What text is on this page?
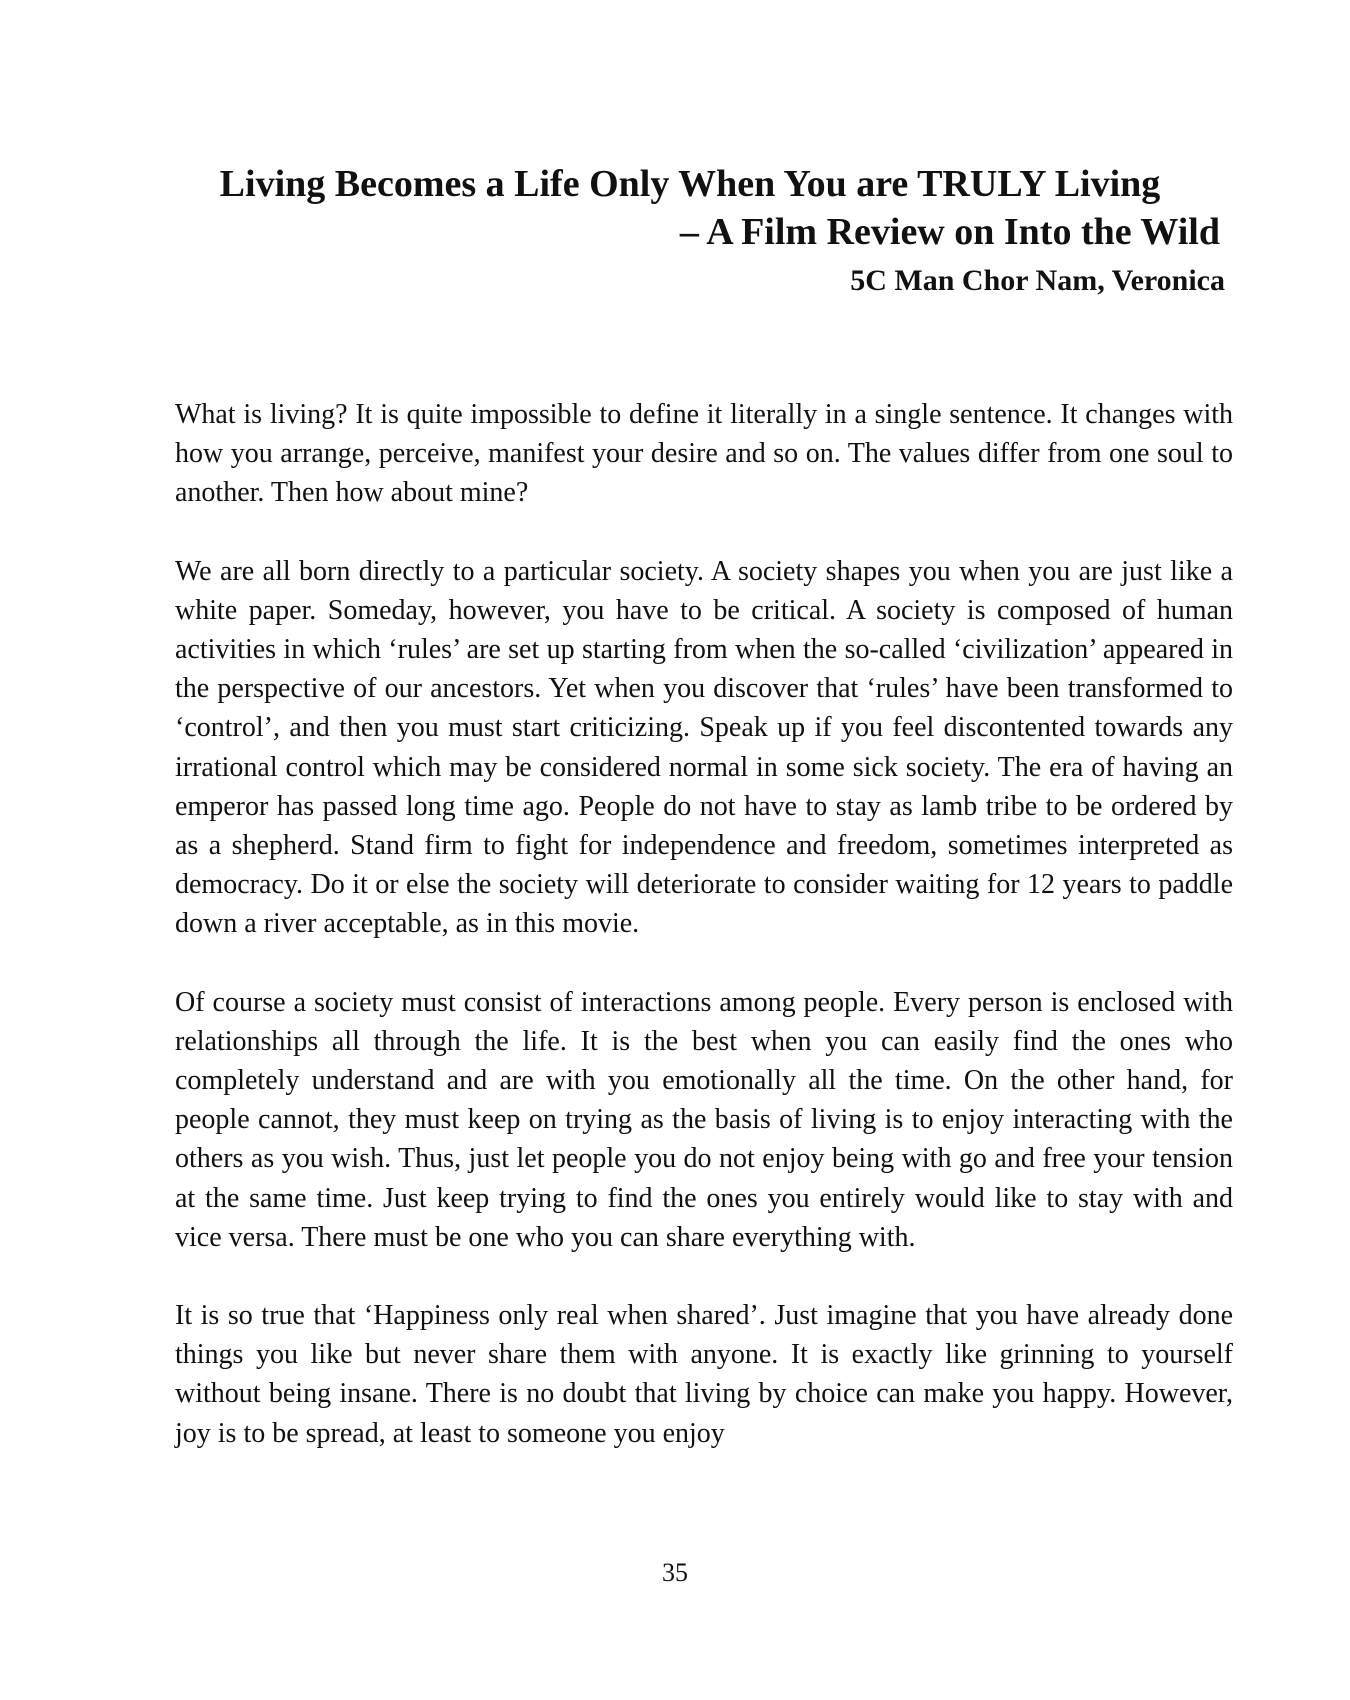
Living Becomes a Life Only When You are TRULY Living
– A Film Review on Into the Wild
5C Man Chor Nam, Veronica

What is living? It is quite impossible to define it literally in a single sentence. It changes with how you arrange, perceive, manifest your desire and so on. The values differ from one soul to another. Then how about mine?

We are all born directly to a particular society. A society shapes you when you are just like a white paper. Someday, however, you have to be critical. A society is composed of human activities in which ‘rules’ are set up starting from when the so-called ‘civilization’ appeared in the perspective of our ancestors. Yet when you discover that ‘rules’ have been transformed to ‘control’, and then you must start criticizing. Speak up if you feel discontented towards any irrational control which may be considered normal in some sick society. The era of having an emperor has passed long time ago. People do not have to stay as lamb tribe to be ordered by as a shepherd. Stand firm to fight for independence and freedom, sometimes interpreted as democracy. Do it or else the society will deteriorate to consider waiting for 12 years to paddle down a river acceptable, as in this movie.

Of course a society must consist of interactions among people. Every person is enclosed with relationships all through the life. It is the best when you can easily find the ones who completely understand and are with you emotionally all the time. On the other hand, for people cannot, they must keep on trying as the basis of living is to enjoy interacting with the others as you wish. Thus, just let people you do not enjoy being with go and free your tension at the same time. Just keep trying to find the ones you entirely would like to stay with and vice versa. There must be one who you can share everything with.

It is so true that ‘Happiness only real when shared’. Just imagine that you have already done things you like but never share them with anyone. It is exactly like grinning to yourself without being insane. There is no doubt that living by choice can make you happy. However, joy is to be spread, at least to someone you enjoy

35
